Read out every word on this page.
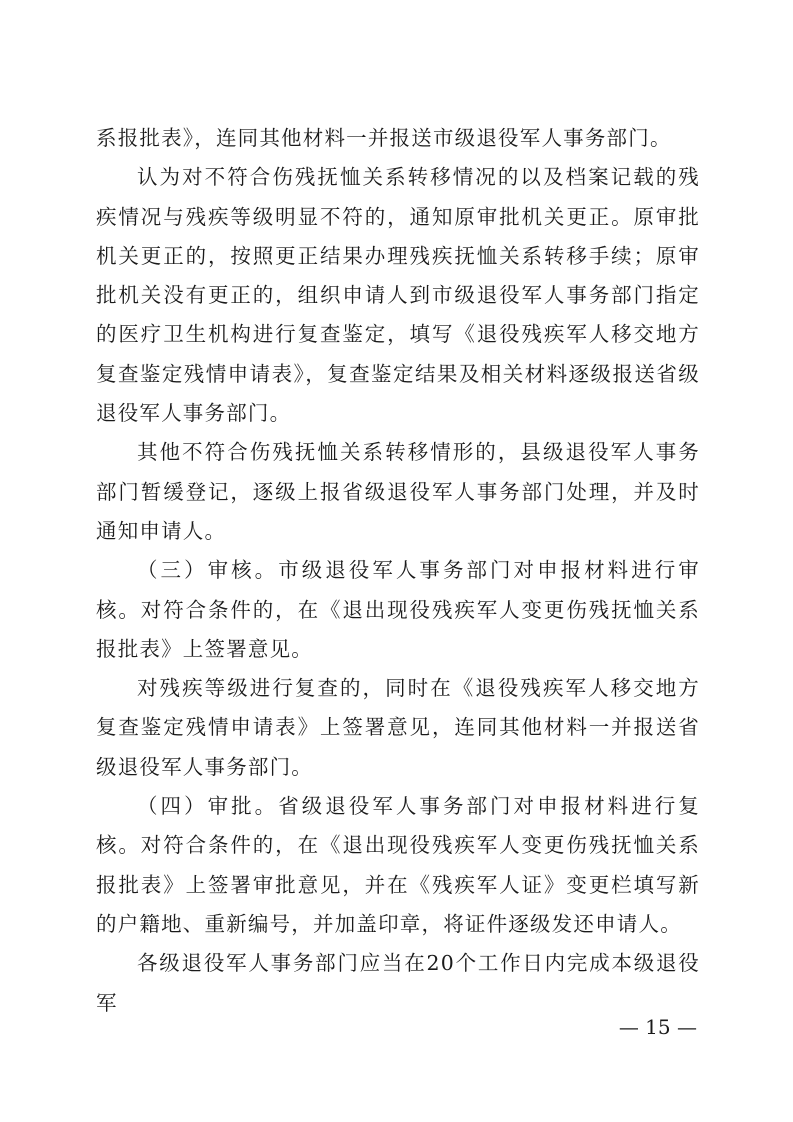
系报批表》，连同其他材料一并报送市级退役军人事务部门。

认为对不符合伤残抚恤关系转移情况的以及档案记载的残疾情况与残疾等级明显不符的，通知原审批机关更正。原审批机关更正的，按照更正结果办理残疾抚恤关系转移手续；原审批机关没有更正的，组织申请人到市级退役军人事务部门指定的医疗卫生机构进行复查鉴定，填写《退役残疾军人移交地方复查鉴定残情申请表》，复查鉴定结果及相关材料逐级报送省级退役军人事务部门。

其他不符合伤残抚恤关系转移情形的，县级退役军人事务部门暂缓登记，逐级上报省级退役军人事务部门处理，并及时通知申请人。

（三）审核。市级退役军人事务部门对申报材料进行审核。对符合条件的，在《退出现役残疾军人变更伤残抚恤关系报批表》上签署意见。

对残疾等级进行复查的，同时在《退役残疾军人移交地方复查鉴定残情申请表》上签署意见，连同其他材料一并报送省级退役军人事务部门。

（四）审批。省级退役军人事务部门对申报材料进行复核。对符合条件的，在《退出现役残疾军人变更伤残抚恤关系报批表》上签署审批意见，并在《残疾军人证》变更栏填写新的户籍地、重新编号，并加盖印章，将证件逐级发还申请人。

各级退役军人事务部门应当在20个工作日内完成本级退役军

— 15 —
